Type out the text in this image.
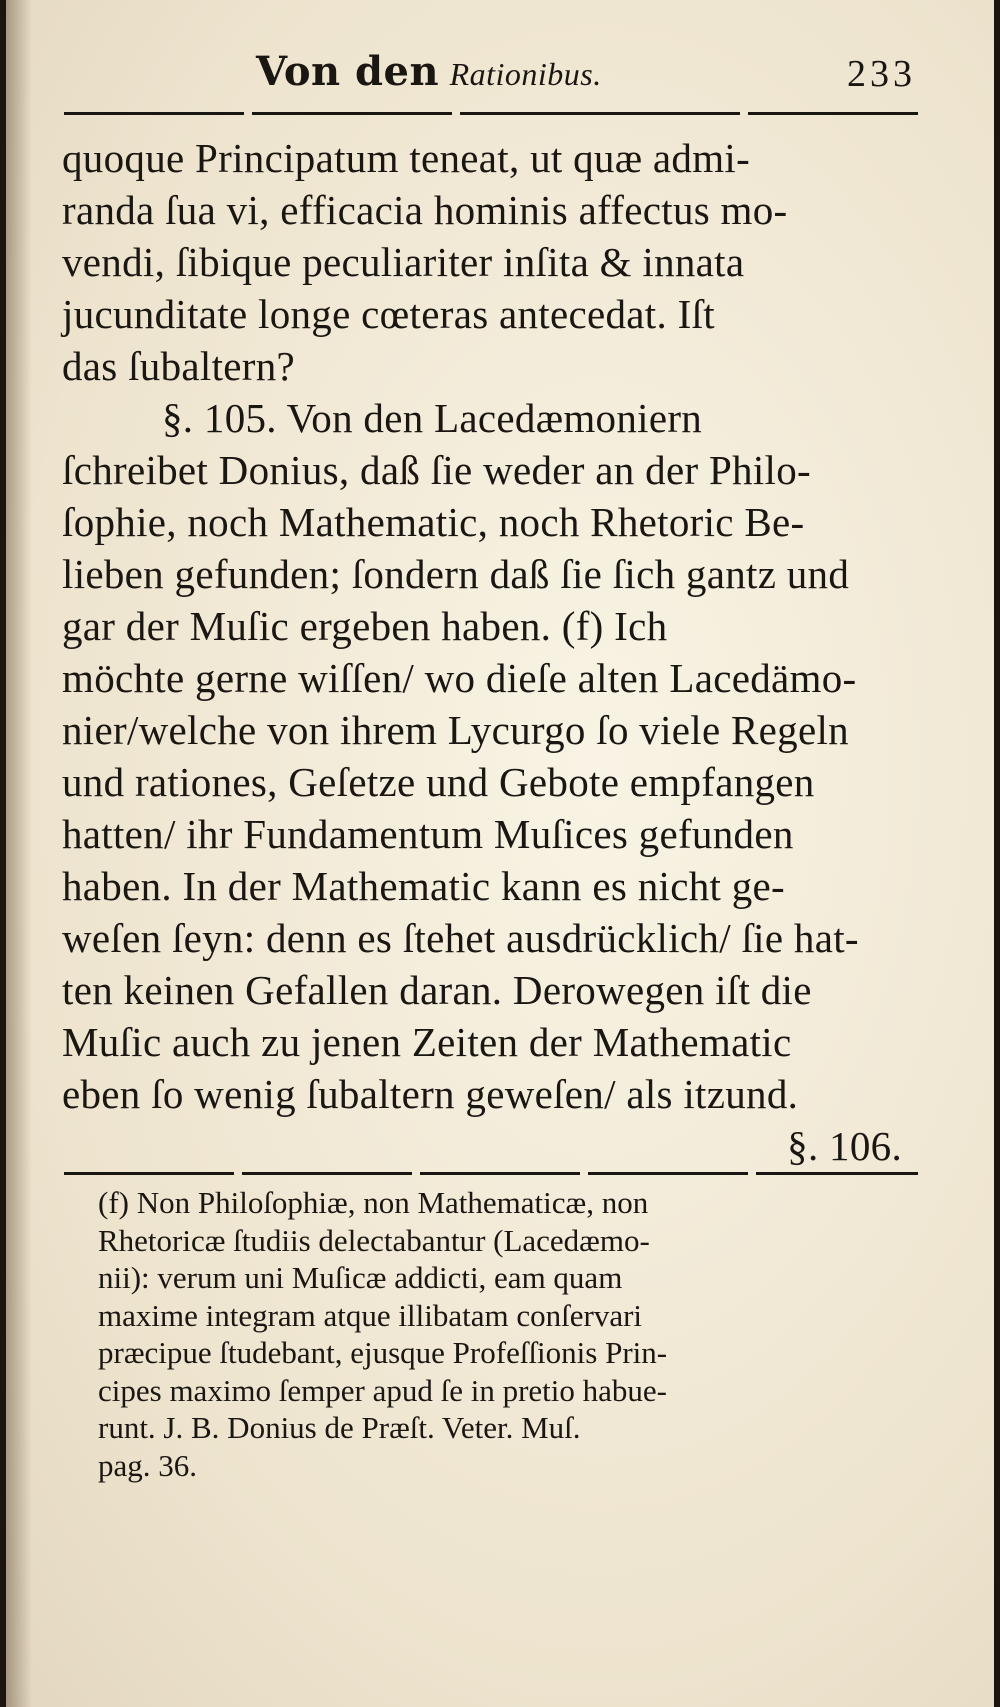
Von den Rationibus.	233
quoque Principatum teneat, ut quæ admi-
randa ſua vi, efficacia hominis affectus mo-
vendi, ſibique peculiariter inſita & innata
jucunditate longe cœteras antecedat. Iſt
das ſubaltern?
§. 105. Von den Lacedæmoniern
ſchreibet Donius, daß ſie weder an der Philo-
ſophie, noch Mathematic, noch Rhetoric Be-
lieben gefunden; ſondern daß ſie ſich gantz und
gar der Muſic ergeben haben. (f) Ich
möchte gerne wiſſen/ wo dieſe alten Lacedämo-
nier/welche von ihrem Lycurgo ſo viele Regeln
und rationes, Geſetze und Gebote empfangen
hatten/ ihr Fundamentum Muſices gefunden
haben. In der Mathematic kann es nicht ge-
weſen ſeyn: denn es ſtehet ausdrücklich/ ſie hat-
ten keinen Gefallen daran. Derowegen iſt die
Muſic auch zu jenen Zeiten der Mathematic
eben ſo wenig ſubaltern geweſen/ als itzund.
§. 106.
(f) Non Philoſophiæ, non Mathematicæ, non
Rhetoricæ ſtudiis delectabantur (Lacedæmo-
nii): verum uni Muſicæ addicti, eam quam
maxime integram atque illibatam conſervari
præcipue ſtudebant, ejusque Profeſſionis Prin-
cipes maximo ſemper apud ſe in pretio habue-
runt. J. B. Donius de Præſt. Veter. Muſ.
pag. 36.
